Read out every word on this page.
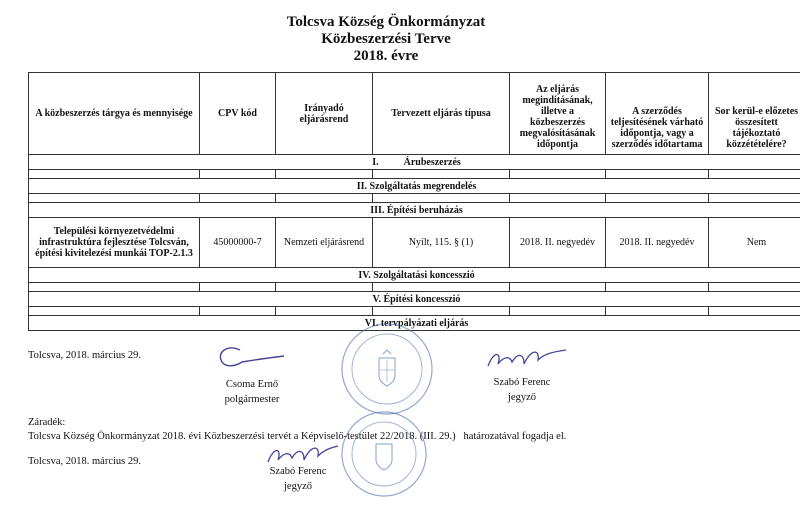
Tolcsva Község Önkormányzat
Közbeszerzési Terve
2018. évre
A közbeszerzés tárgya és mennyisége	CPV kód	Irányadó eljárásrend	Tervezett eljárás típusa	Az eljárás megindításának, illetve a közbeszerzés megvalósításának időpontja	A szerződés teljesítésének várható időpontja, vagy a szerződés időtartama	Sor kerül-e előzetes összesített tájékoztató közzétételére?
I.          Árubeszerzés						

II. Szolgáltatás megrendelés						

III. Építési beruházás						
Települési környezetvédelmi infrastruktúra fejlesztése Tolcsván, építési kivitelezési munkái TOP-2.1.3	45000000-7	Nemzeti eljárásrend	Nyílt, 115. § (1)	2018. II. negyedév	2018. II. negyedév	Nem
IV. Szolgáltatási koncesszió						

V. Építési koncesszió						

VI. tervpályázati eljárás						
Tolcsva, 2018. március 29.
Csoma Ernő
polgármester
Szabó Ferenc
jegyző
Záradék:
Tolcsva Község Önkormányzat 2018. évi Közbeszerzési tervét a Képviselő-testület 22/2018. (III. 29.)   határozatával fogadja el.
Tolcsva, 2018. március 29.
Szabó Ferenc
jegyző
